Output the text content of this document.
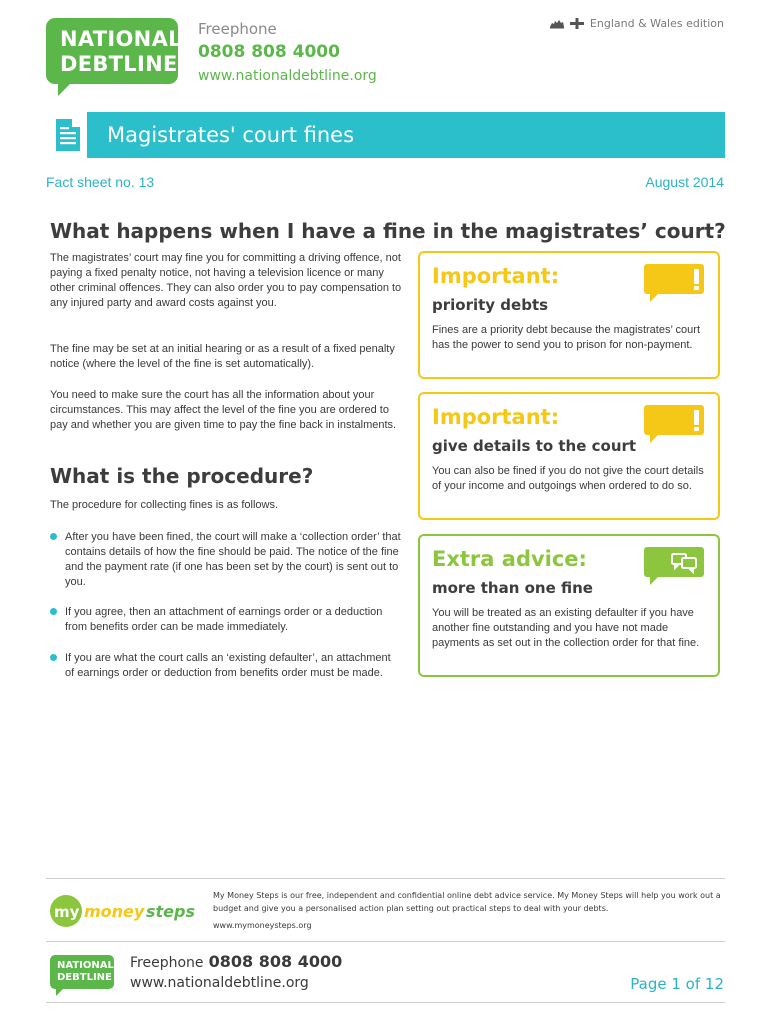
NATIONAL
DEBTLINE
Freephone
0808 808 4000
www.nationaldebtline.org
England & Wales edition
Magistrates' court fines
Fact sheet no. 13	August 2014
What happens when I have a fine in the magistrates’ court?
The magistrates’ court may fine you for committing a driving offence, not paying a fixed penalty notice, not having a television licence or many other criminal offences. They can also order you to pay compensation to any injured party and award costs against you.
The fine may be set at an initial hearing or as a result of a fixed penalty notice (where the level of the fine is set automatically).
You need to make sure the court has all the information about your circumstances. This may affect the level of the fine you are ordered to pay and whether you are given time to pay the fine back in instalments.
What is the procedure?
The procedure for collecting fines is as follows.
After you have been fined, the court will make a ‘collection order’ that contains details of how the fine should be paid. The notice of the fine and the payment rate (if one has been set by the court) is sent out to you.
If you agree, then an attachment of earnings order or a deduction from benefits order can be made immediately.
If you are what the court calls an ‘existing defaulter’, an attachment of earnings order or deduction from benefits order must be made.
Important:
priority debts
Fines are a priority debt because the magistrates’ court has the power to send you to prison for non-payment.
Important:
give details to the court
You can also be fined if you do not give the court details of your income and outgoings when ordered to do so.
Extra advice:
more than one fine
You will be treated as an existing defaulter if you have another fine outstanding and you have not made payments as set out in the collection order for that fine.
my money steps
My Money Steps is our free, independent and confidential online debt advice service. My Money Steps will help you work out a budget and give you a personalised action plan setting out practical steps to deal with your debts.
www.mymoneysteps.org
NATIONAL
DEBTLINE
Freephone 0808 808 4000
www.nationaldebtline.org	Page 1 of 12
